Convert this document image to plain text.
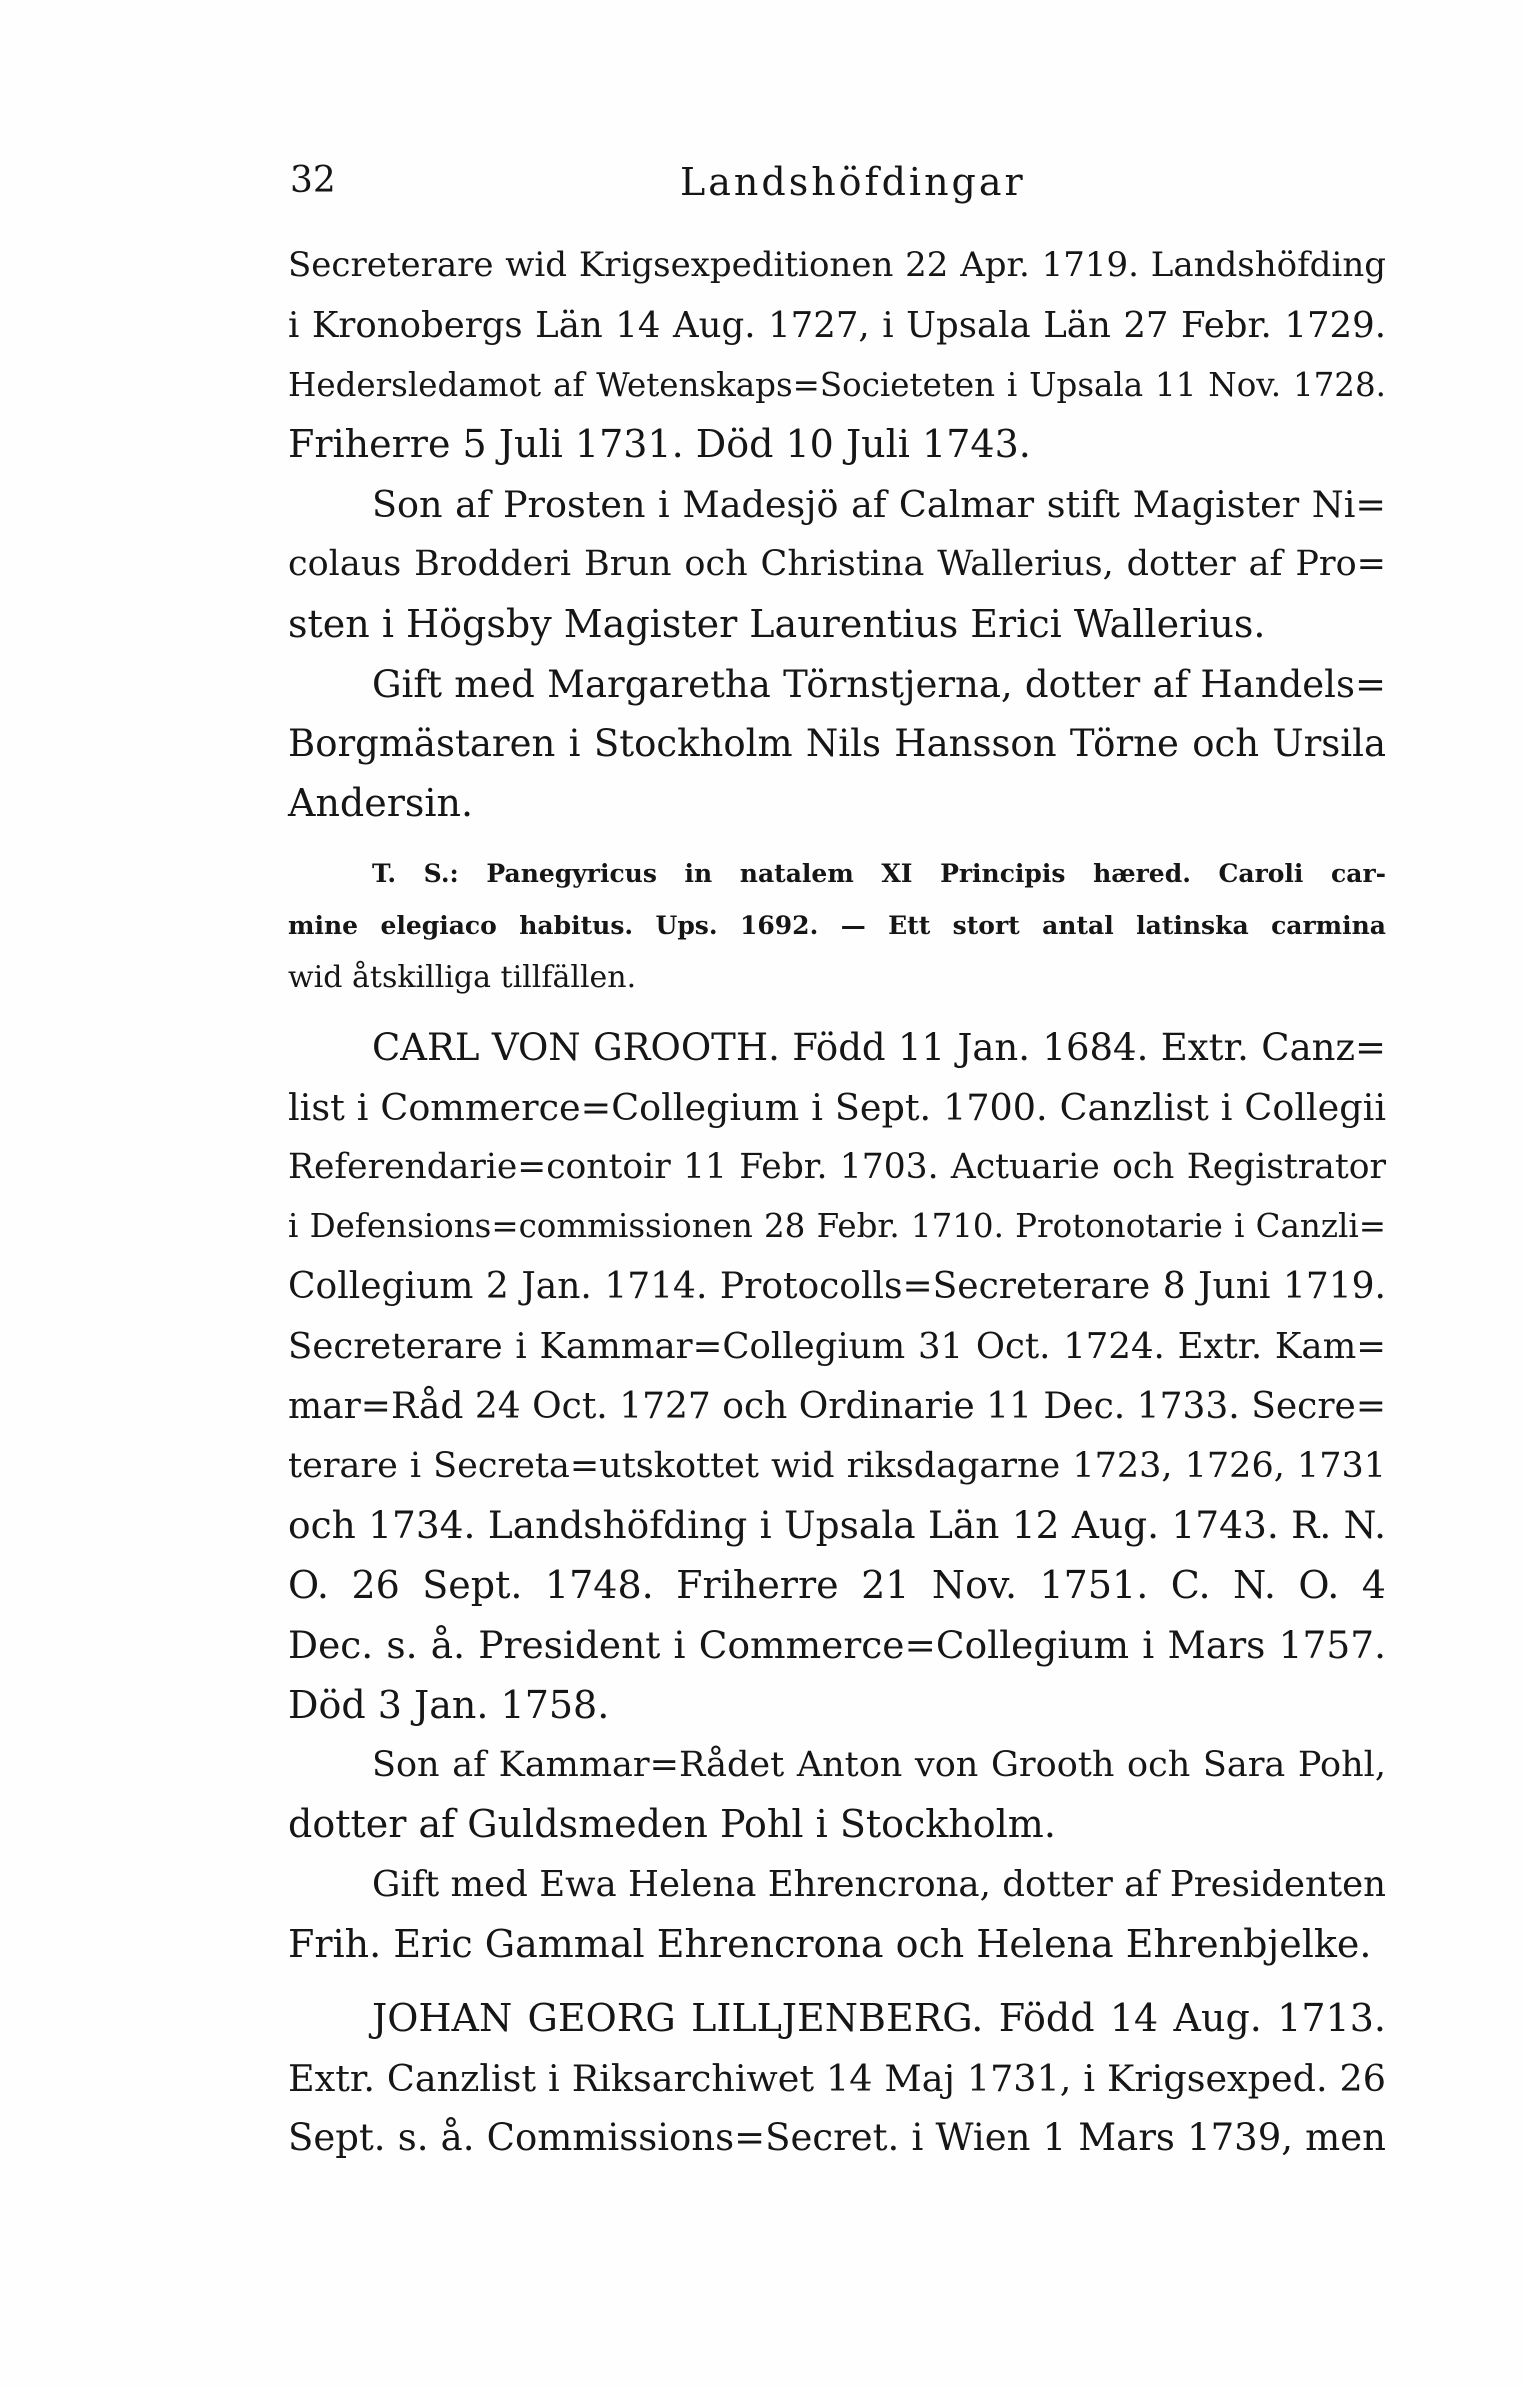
32	Landshöfdingar
Secreterare wid Krigsexpeditionen 22 Apr. 1719. Landshöfding
i Kronobergs Län 14 Aug. 1727, i Upsala Län 27 Febr. 1729.
Hedersledamot af Wetenskaps=Societeten i Upsala 11 Nov. 1728.
Friherre 5 Juli 1731. Död 10 Juli 1743.
Son af Prosten i Madesjö af Calmar stift Magister Ni=
colaus Brodderi Brun och Christina Wallerius, dotter af Pro=
sten i Högsby Magister Laurentius Erici Wallerius.
Gift med Margaretha Törnstjerna, dotter af Handels=
Borgmästaren i Stockholm Nils Hansson Törne och Ursila
Andersin.
T. S.: Panegyricus in natalem XI Principis hæred. Caroli car-
mine elegiaco habitus. Ups. 1692. — Ett stort antal latinska carmina
wid åtskilliga tillfällen.
CARL VON GROOTH. Född 11 Jan. 1684. Extr. Canz=
list i Commerce=Collegium i Sept. 1700. Canzlist i Collegii
Referendarie=contoir 11 Febr. 1703. Actuarie och Registrator
i Defensions=commissionen 28 Febr. 1710. Protonotarie i Canzli=
Collegium 2 Jan. 1714. Protocolls=Secreterare 8 Juni 1719.
Secreterare i Kammar=Collegium 31 Oct. 1724. Extr. Kam=
mar=Råd 24 Oct. 1727 och Ordinarie 11 Dec. 1733. Secre=
terare i Secreta=utskottet wid riksdagarne 1723, 1726, 1731
och 1734. Landshöfding i Upsala Län 12 Aug. 1743. R. N.
O. 26 Sept. 1748. Friherre 21 Nov. 1751. C. N. O. 4
Dec. s. å. President i Commerce=Collegium i Mars 1757.
Död 3 Jan. 1758.
Son af Kammar=Rådet Anton von Grooth och Sara Pohl,
dotter af Guldsmeden Pohl i Stockholm.
Gift med Ewa Helena Ehrencrona, dotter af Presidenten
Frih. Eric Gammal Ehrencrona och Helena Ehrenbjelke.
JOHAN GEORG LILLJENBERG. Född 14 Aug. 1713.
Extr. Canzlist i Riksarchiwet 14 Maj 1731, i Krigsexped. 26
Sept. s. å. Commissions=Secret. i Wien 1 Mars 1739, men
